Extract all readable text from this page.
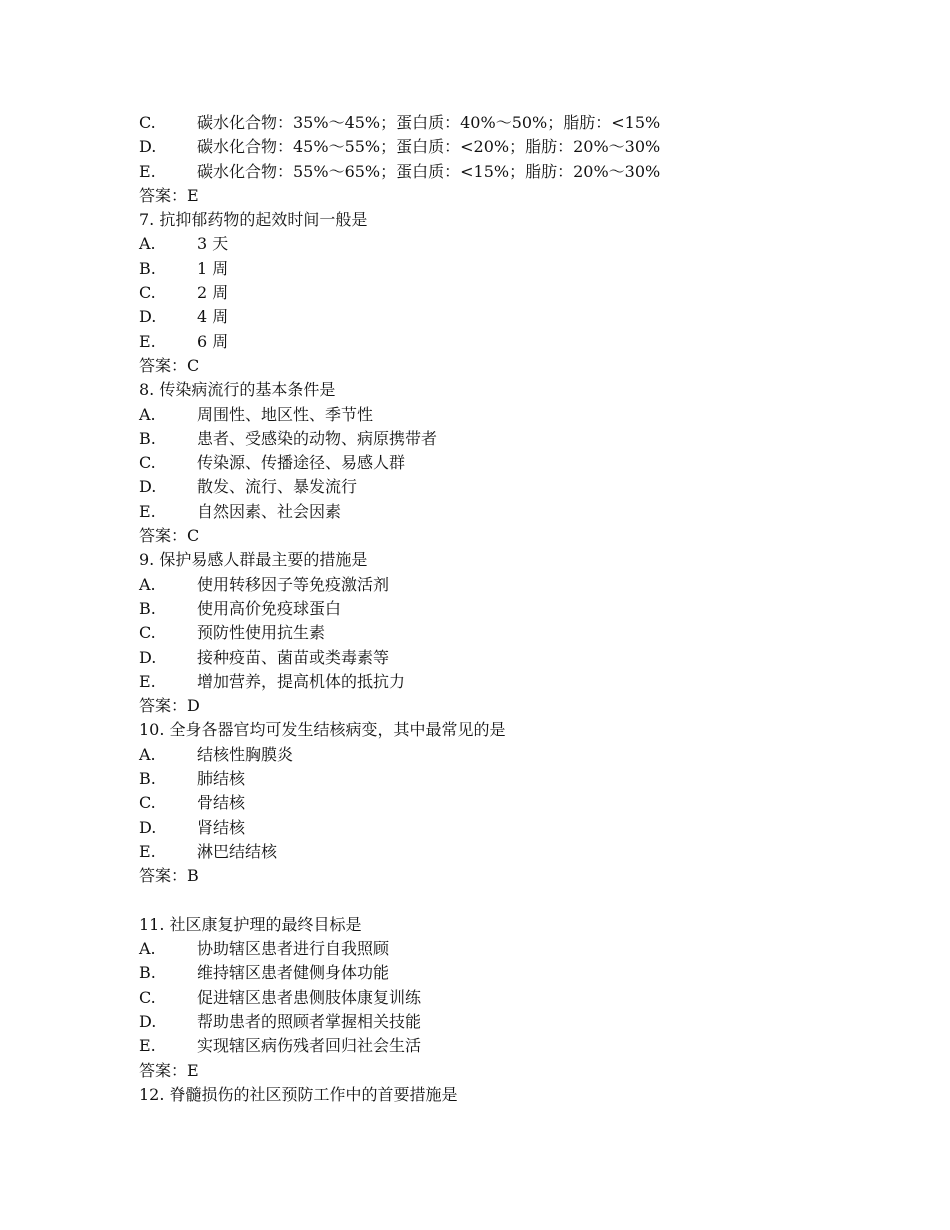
C.	碳水化合物：35%～45%；蛋白质：40%～50%；脂肪：<15%
D.	碳水化合物：45%～55%；蛋白质：<20%；脂肪：20%～30%
E.	碳水化合物：55%～65%；蛋白质：<15%；脂肪：20%～30%
答案：E
7. 抗抑郁药物的起效时间一般是
A.	3 天
B.	1 周
C.	2 周
D.	4 周
E.	6 周
答案：C
8. 传染病流行的基本条件是
A.	周围性、地区性、季节性
B.	患者、受感染的动物、病原携带者
C.	传染源、传播途径、易感人群
D.	散发、流行、暴发流行
E.	自然因素、社会因素
答案：C
9. 保护易感人群最主要的措施是
A.	使用转移因子等免疫激活剂
B.	使用高价免疫球蛋白
C.	预防性使用抗生素
D.	接种疫苗、菌苗或类毒素等
E.	增加营养，提高机体的抵抗力
答案：D
10. 全身各器官均可发生结核病变，其中最常见的是
A.	结核性胸膜炎
B.	肺结核
C.	骨结核
D.	肾结核
E.	淋巴结结核
答案：B
11. 社区康复护理的最终目标是
A.	协助辖区患者进行自我照顾
B.	维持辖区患者健侧身体功能
C.	促进辖区患者患侧肢体康复训练
D.	帮助患者的照顾者掌握相关技能
E.	实现辖区病伤残者回归社会生活
答案：E
12. 脊髓损伤的社区预防工作中的首要措施是
